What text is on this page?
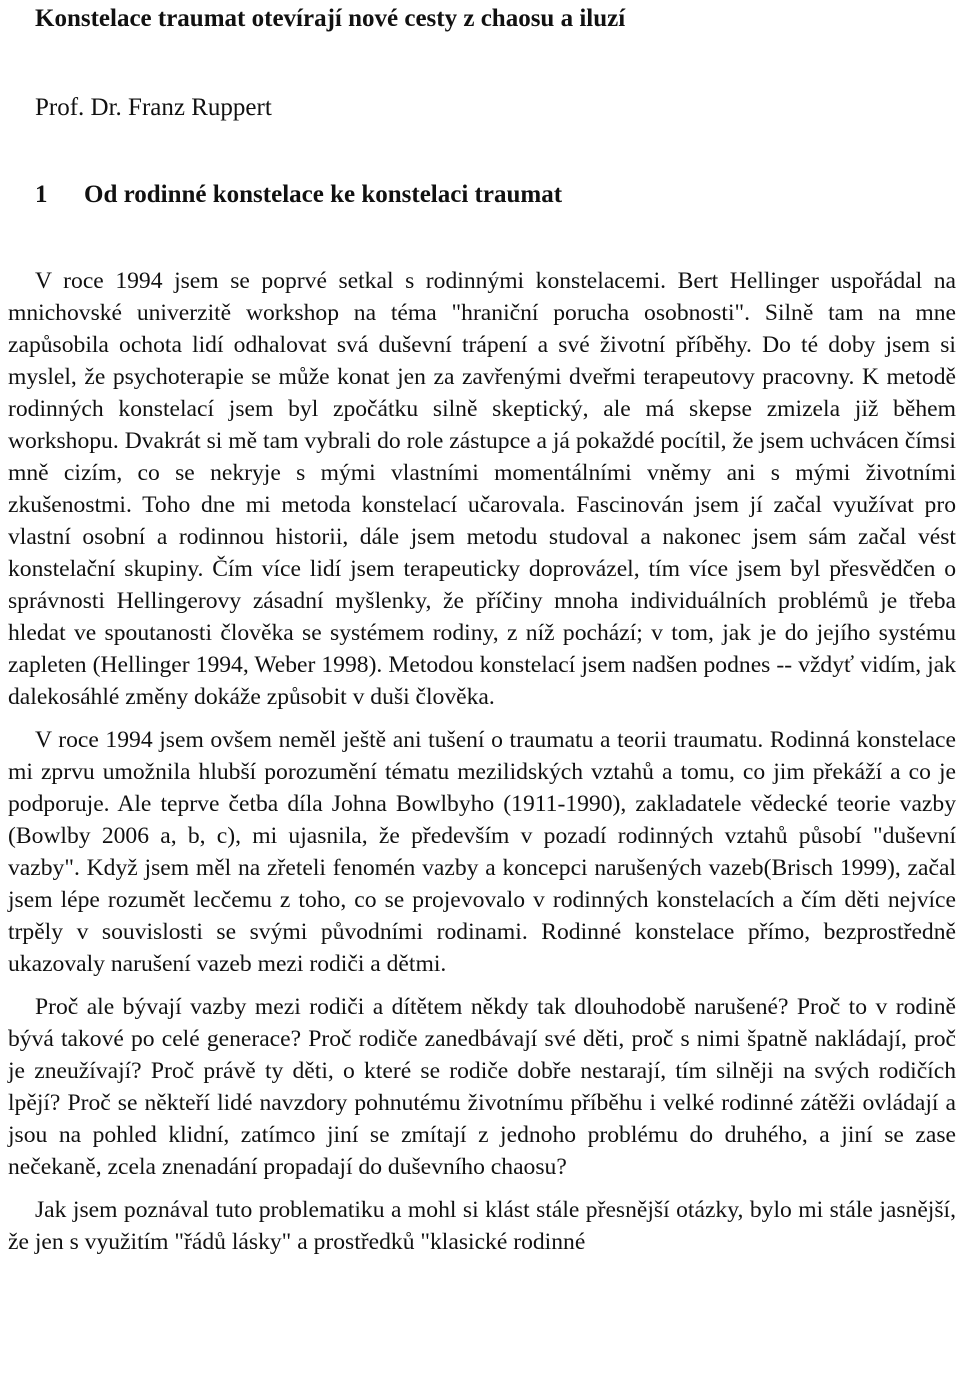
Konstelace traumat otevírají nové cesty z chaosu a iluzí

Prof. Dr. Franz Ruppert

1 Od rodinné konstelace ke konstelaci traumat

V roce 1994 jsem se poprvé setkal s rodinnými konstelacemi. Bert Hellinger uspořádal na mnichovské univerzitě workshop na téma "hraniční porucha osobnosti". Silně tam na mne zapůsobila ochota lidí odhalovat svá duševní trápení a své životní příběhy. Do té doby jsem si myslel, že psychoterapie se může konat jen za zavřenými dveřmi terapeutovy pracovny. K metodě rodinných konstelací jsem byl zpočátku silně skeptický, ale má skepse zmizela již během workshopu. Dvakrát si mě tam vybrali do role zástupce a já pokaždé pocítil, že jsem uchvácen čímsi mně cizím, co se nekryje s mými vlastními momentálními vněmy ani s mými životními zkušenostmi. Toho dne mi metoda konstelací učarovala. Fascinován jsem jí začal využívat pro vlastní osobní a rodinnou historii, dále jsem metodu studoval a nakonec jsem sám začal vést konstelační skupiny. Čím více lidí jsem terapeuticky doprovázel, tím více jsem byl přesvědčen o správnosti Hellingerovy zásadní myšlenky, že příčiny mnoha individuálních problémů je třeba hledat ve spoutanosti člověka se systémem rodiny, z níž pochází; v tom, jak je do jejího systému zapleten (Hellinger 1994, Weber 1998). Metodou konstelací jsem nadšen podnes -- vždyť vidím, jak dalekosáhlé změny dokáže způsobit v duši člověka.

V roce 1994 jsem ovšem neměl ještě ani tušení o traumatu a teorii traumatu. Rodinná konstelace mi zprvu umožnila hlubší porozumění tématu mezilidských vztahů a tomu, co jim překáží a co je podporuje. Ale teprve četba díla Johna Bowlbyho (1911-1990), zakladatele vědecké teorie vazby (Bowlby 2006 a, b, c), mi ujasnila, že především v pozadí rodinných vztahů působí "duševní vazby". Když jsem měl na zřeteli fenomén vazby a koncepci narušených vazeb(Brisch 1999), začal jsem lépe rozumět lecčemu z toho, co se projevovalo v rodinných konstelacích a čím děti nejvíce trpěly v souvislosti se svými původními rodinami. Rodinné konstelace přímo, bezprostředně ukazovaly narušení vazeb mezi rodiči a dětmi.

Proč ale bývají vazby mezi rodiči a dítětem někdy tak dlouhodobě narušené? Proč to v rodině bývá takové po celé generace? Proč rodiče zanedbávají své děti, proč s nimi špatně nakládají, proč je zneužívají? Proč právě ty děti, o které se rodiče dobře nestarají, tím silněji na svých rodičích lpějí? Proč se někteří lidé navzdory pohnutému životnímu příběhu i velké rodinné zátěži ovládají a jsou na pohled klidní, zatímco jiní se zmítají z jednoho problému do druhého, a jiní se zase nečekaně, zcela znenadání propadají do duševního chaosu?

Jak jsem poznával tuto problematiku a mohl si klást stále přesnější otázky, bylo mi stále jasnější, že jen s využitím "řádů lásky" a prostředků "klasické rodinné
